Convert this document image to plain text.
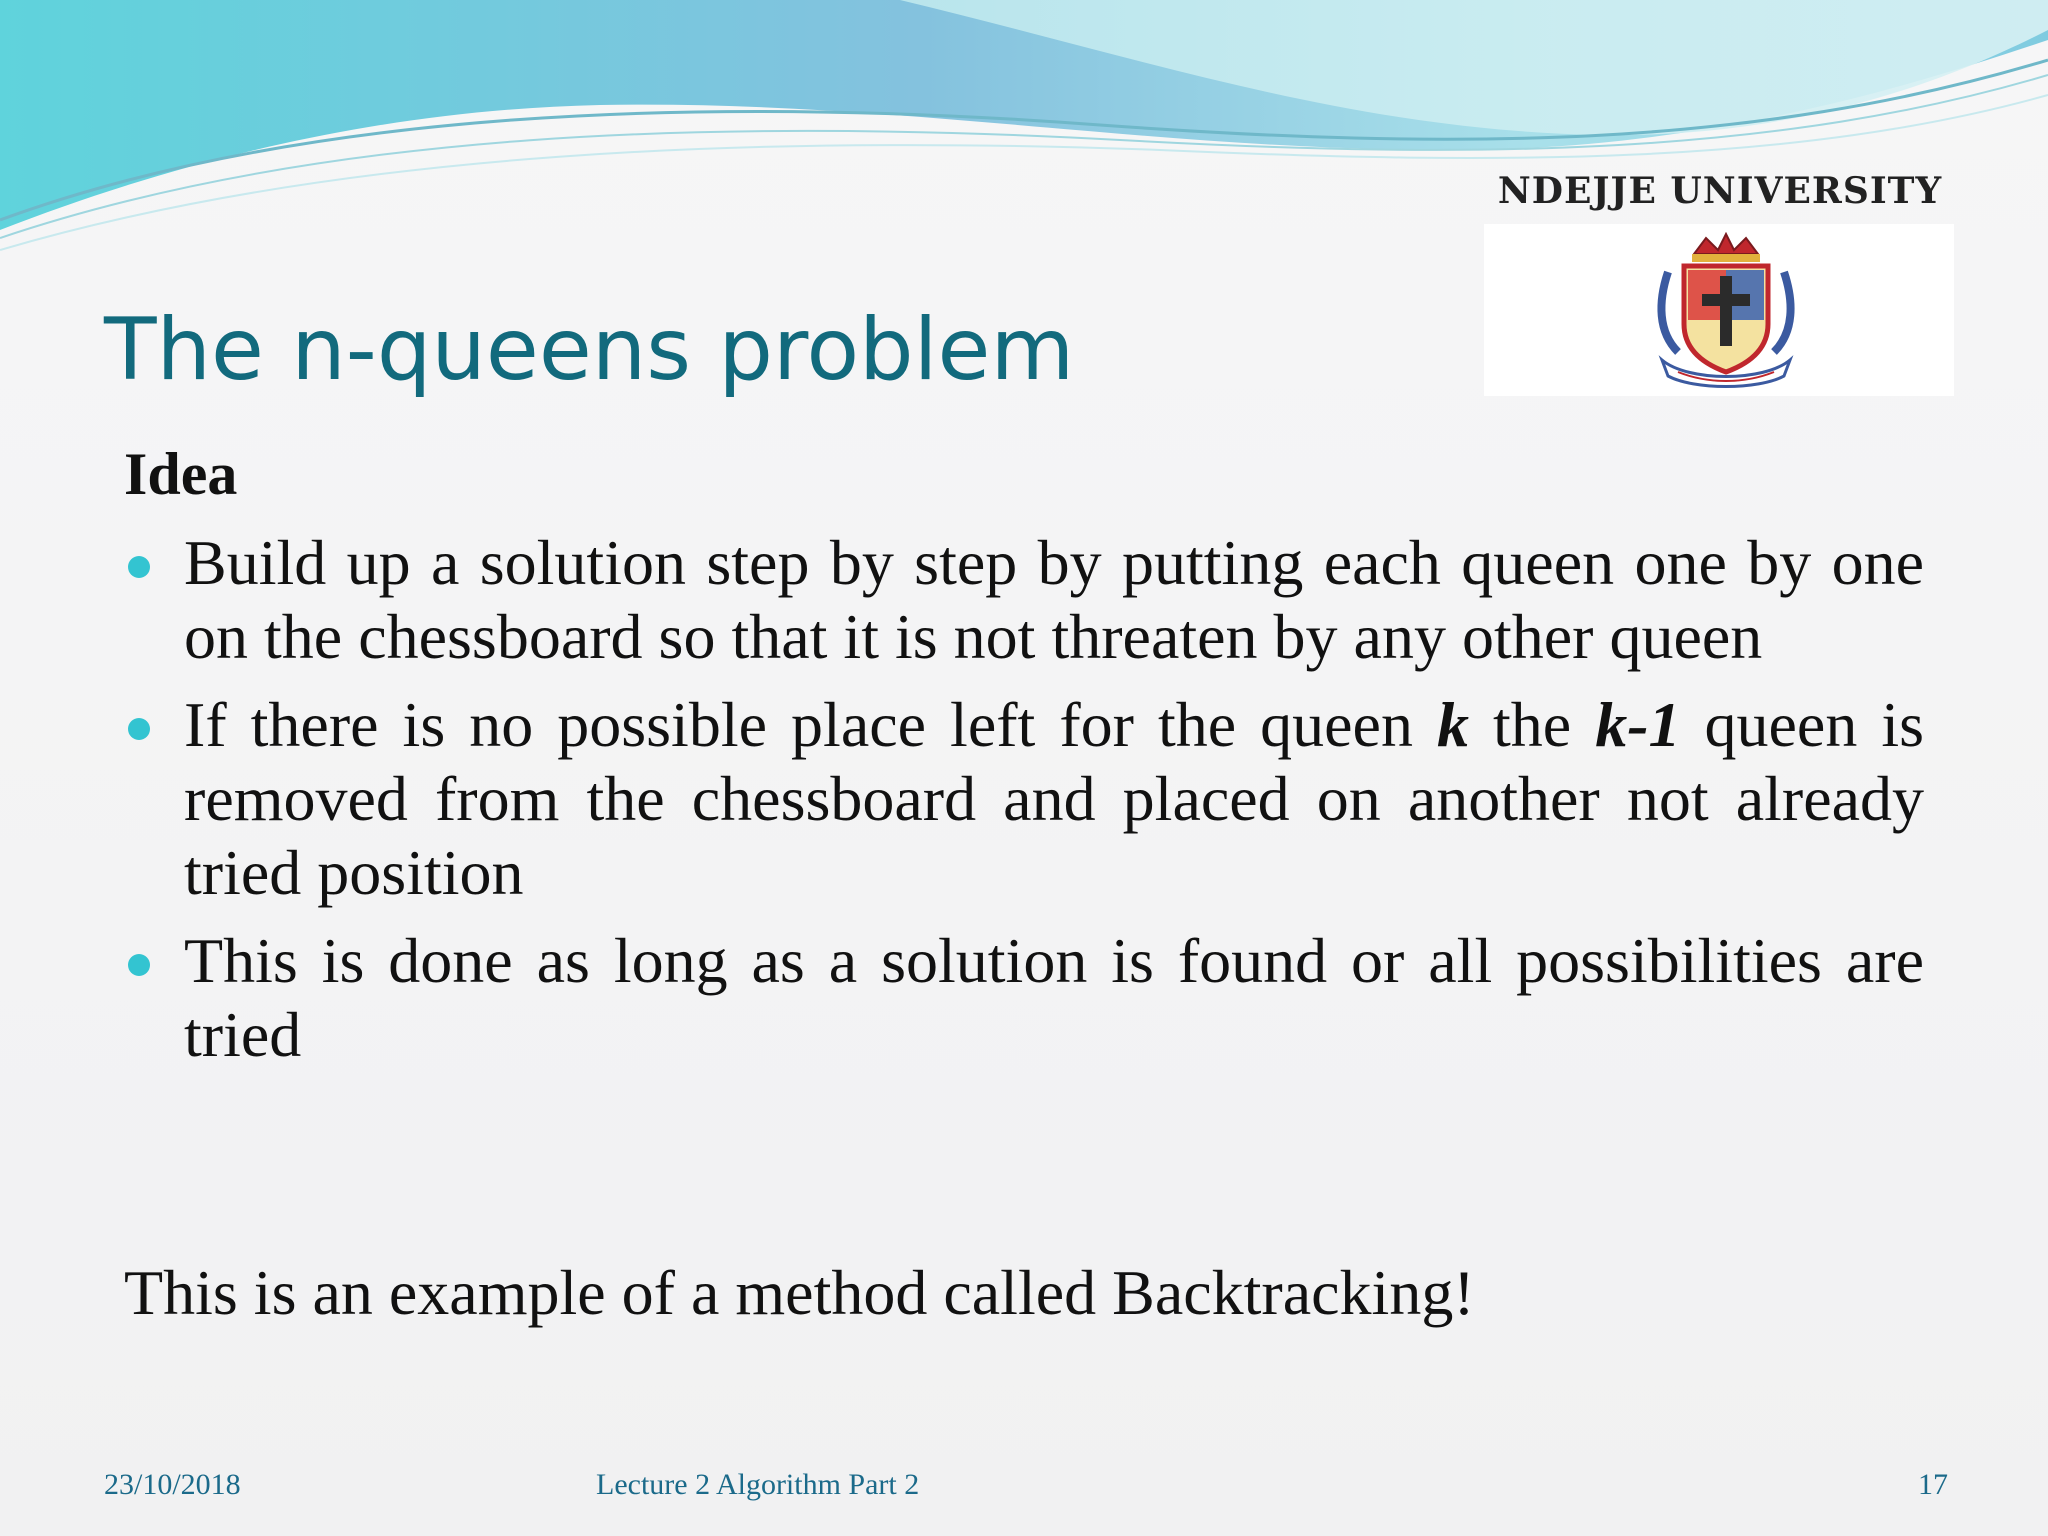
NDEJJE UNIVERSITY
The n-queens problem
Idea
Build up a solution step by step by putting each queen one by one on the chessboard so that it is not threaten by any other queen
If there is no possible place left for the queen k the k-1 queen is removed from the chessboard and placed on another not already tried position
This is done as long as a solution is found or all possibilities are tried
This is an example of a method called Backtracking!
23/10/2018	Lecture 2 Algorithm Part 2	17
